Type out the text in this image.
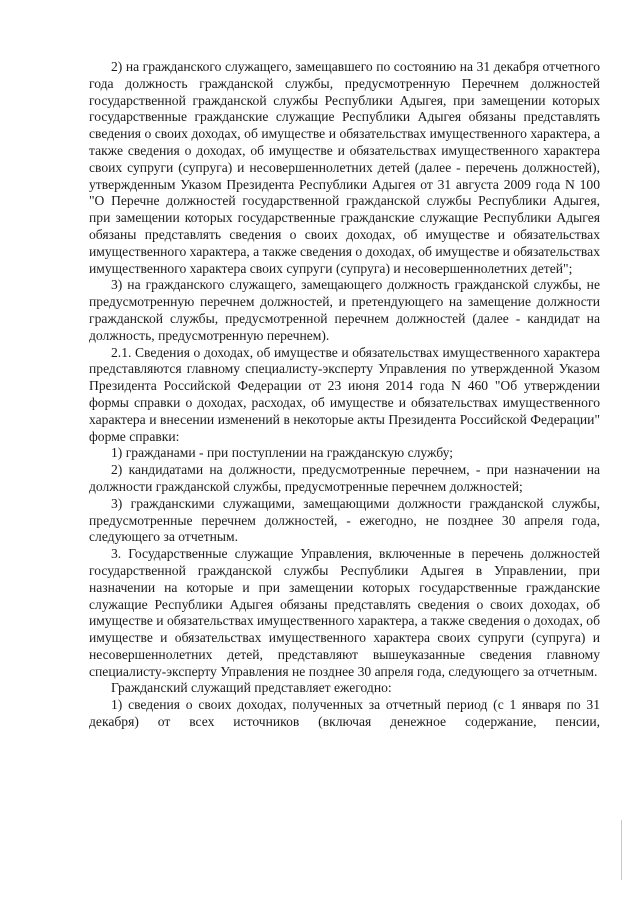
2) на гражданского служащего, замещавшего по состоянию на 31 декабря отчетного года должность гражданской службы, предусмотренную Перечнем должностей государственной гражданской службы Республики Адыгея, при замещении которых государственные гражданские служащие Республики Адыгея обязаны представлять сведения о своих доходах, об имуществе и обязательствах имущественного характера, а также сведения о доходах, об имуществе и обязательствах имущественного характера своих супруги (супруга) и несовершеннолетних детей (далее - перечень должностей), утвержденным Указом Президента Республики Адыгея от 31 августа 2009 года N 100 "О Перечне должностей государственной гражданской службы Республики Адыгея, при замещении которых государственные гражданские служащие Республики Адыгея обязаны представлять сведения о своих доходах, об имуществе и обязательствах имущественного характера, а также сведения о доходах, об имуществе и обязательствах имущественного характера своих супруги (супруга) и несовершеннолетних детей";

3) на гражданского служащего, замещающего должность гражданской службы, не предусмотренную перечнем должностей, и претендующего на замещение должности гражданской службы, предусмотренной перечнем должностей (далее - кандидат на должность, предусмотренную перечнем).

2.1. Сведения о доходах, об имуществе и обязательствах имущественного характера представляются главному специалисту-эксперту Управления по утвержденной Указом Президента Российской Федерации от 23 июня 2014 года N 460 "Об утверждении формы справки о доходах, расходах, об имуществе и обязательствах имущественного характера и внесении изменений в некоторые акты Президента Российской Федерации" форме справки:

1) гражданами - при поступлении на гражданскую службу;

2) кандидатами на должности, предусмотренные перечнем, - при назначении на должности гражданской службы, предусмотренные перечнем должностей;

3) гражданскими служащими, замещающими должности гражданской службы, предусмотренные перечнем должностей, - ежегодно, не позднее 30 апреля года, следующего за отчетным.

3. Государственные служащие Управления, включенные в перечень должностей государственной гражданской службы Республики Адыгея в Управлении, при назначении на которые и при замещении которых государственные гражданские служащие Республики Адыгея обязаны представлять сведения о своих доходах, об имуществе и обязательствах имущественного характера, а также сведения о доходах, об имуществе и обязательствах имущественного характера своих супруги (супруга) и несовершеннолетних детей, представляют вышеуказанные сведения главному специалисту-эксперту Управления не позднее 30 апреля года, следующего за отчетным.

Гражданский служащий представляет ежегодно:

1) сведения о своих доходах, полученных за отчетный период (с 1 января по 31 декабря) от всех источников (включая денежное содержание, пенсии,
